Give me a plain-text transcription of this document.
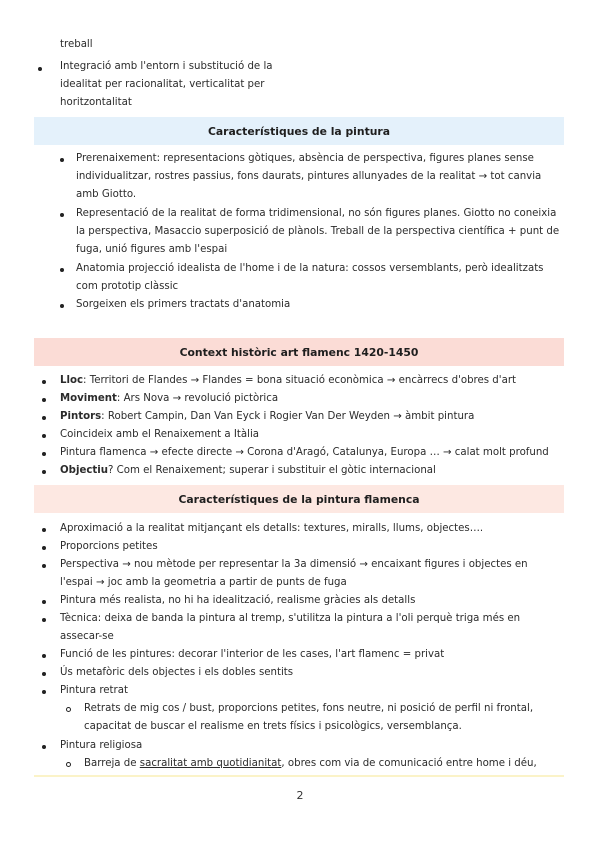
treball
Integració amb l'entorn i substitució de la
idealitat per racionalitat, verticalitat per
horitzontalitat
Característiques de la pintura
Prerenaixement: representacions gòtiques, absència de perspectiva, figures planes sense
individualitzar, rostres passius, fons daurats, pintures allunyades de la realitat → tot canvia
amb Giotto.
Representació de la realitat de forma tridimensional, no són figures planes. Giotto no coneixia
la perspectiva, Masaccio superposició de plànols. Treball de la perspectiva científica + punt de
fuga, unió figures amb l'espai
Anatomia projecció idealista de l'home i de la natura: cossos versemblants, però idealitzats
com prototip clàssic
Sorgeixen els primers tractats d'anatomia
Context històric art flamenc 1420-1450
Lloc: Territori de Flandes → Flandes = bona situació econòmica → encàrrecs d'obres d'art
Moviment: Ars Nova → revolució pictòrica
Pintors: Robert Campin, Dan Van Eyck i Rogier Van Der Weyden → àmbit pintura
Coincideix amb el Renaixement a Itàlia
Pintura flamenca → efecte directe → Corona d'Aragó, Catalunya, Europa … → calat molt profund
Objectiu? Com el Renaixement; superar i substituir el gòtic internacional
Característiques de la pintura flamenca
Aproximació a la realitat mitjançant els detalls: textures, miralls, llums, objectes….
Proporcions petites
Perspectiva → nou mètode per representar la 3a dimensió → encaixant figures i objectes en
l'espai → joc amb la geometria a partir de punts de fuga
Pintura més realista, no hi ha idealització, realisme gràcies als detalls
Tècnica: deixa de banda la pintura al tremp, s'utilitza la pintura a l'oli perquè triga més en
assecar-se
Funció de les pintures: decorar l'interior de les cases, l'art flamenc = privat
Ús metafòric dels objectes i els dobles sentits
Pintura retrat
Retrats de mig cos / bust, proporcions petites, fons neutre, ni posició de perfil ni frontal,
capacitat de buscar el realisme en trets físics i psicològics, versemblança.
Pintura religiosa
Barreja de sacralitat amb quotidianitat, obres com via de comunicació entre home i déu,
2
